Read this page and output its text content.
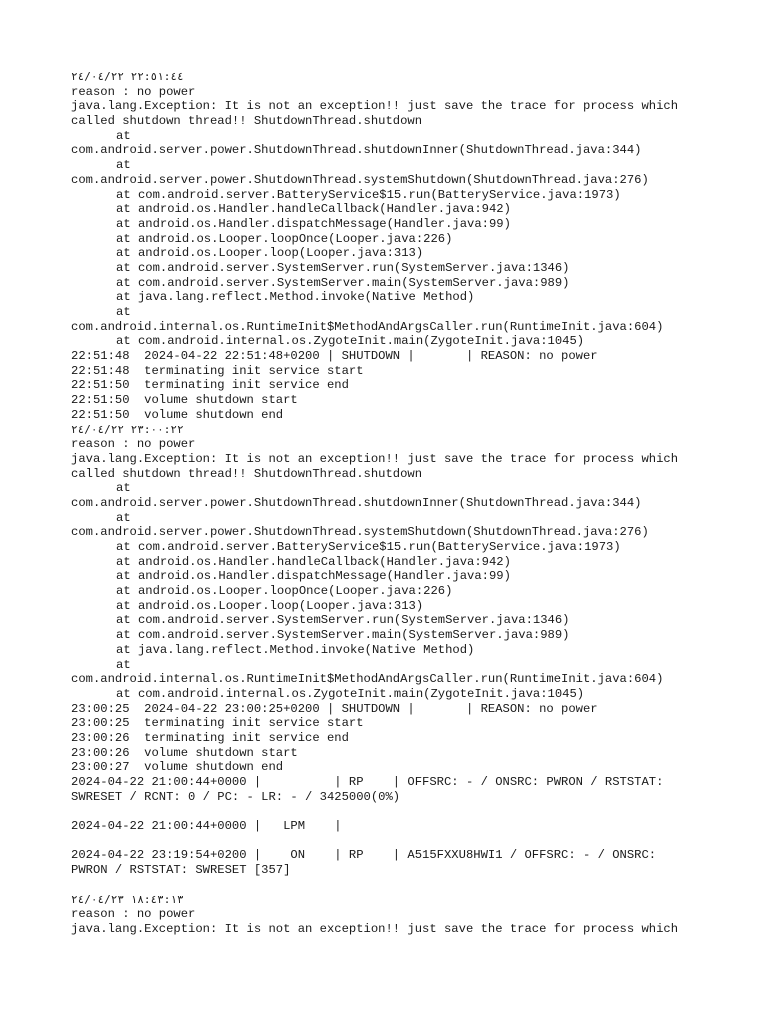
٢٢:٥١:٤٤ ٢٤/٠٤/٢٢
reason : no power
java.lang.Exception: It is not an exception!! just save the trace for process which
called shutdown thread!! ShutdownThread.shutdown
at
com.android.server.power.ShutdownThread.shutdownInner(ShutdownThread.java:344)
at
com.android.server.power.ShutdownThread.systemShutdown(ShutdownThread.java:276)
at com.android.server.BatteryService$15.run(BatteryService.java:1973)
at android.os.Handler.handleCallback(Handler.java:942)
at android.os.Handler.dispatchMessage(Handler.java:99)
at android.os.Looper.loopOnce(Looper.java:226)
at android.os.Looper.loop(Looper.java:313)
at com.android.server.SystemServer.run(SystemServer.java:1346)
at com.android.server.SystemServer.main(SystemServer.java:989)
at java.lang.reflect.Method.invoke(Native Method)
at
com.android.internal.os.RuntimeInit$MethodAndArgsCaller.run(RuntimeInit.java:604)
at com.android.internal.os.ZygoteInit.main(ZygoteInit.java:1045)
22:51:48  2024-04-22 22:51:48+0200 | SHUTDOWN |       | REASON: no power
22:51:48  terminating init service start
22:51:50  terminating init service end
22:51:50  volume shutdown start
22:51:50  volume shutdown end
٢٣:٠٠:٢٢ ٢٤/٠٤/٢٢
reason : no power
java.lang.Exception: It is not an exception!! just save the trace for process which
called shutdown thread!! ShutdownThread.shutdown
at
com.android.server.power.ShutdownThread.shutdownInner(ShutdownThread.java:344)
at
com.android.server.power.ShutdownThread.systemShutdown(ShutdownThread.java:276)
at com.android.server.BatteryService$15.run(BatteryService.java:1973)
at android.os.Handler.handleCallback(Handler.java:942)
at android.os.Handler.dispatchMessage(Handler.java:99)
at android.os.Looper.loopOnce(Looper.java:226)
at android.os.Looper.loop(Looper.java:313)
at com.android.server.SystemServer.run(SystemServer.java:1346)
at com.android.server.SystemServer.main(SystemServer.java:989)
at java.lang.reflect.Method.invoke(Native Method)
at
com.android.internal.os.RuntimeInit$MethodAndArgsCaller.run(RuntimeInit.java:604)
at com.android.internal.os.ZygoteInit.main(ZygoteInit.java:1045)
23:00:25  2024-04-22 23:00:25+0200 | SHUTDOWN |       | REASON: no power
23:00:25  terminating init service start
23:00:26  terminating init service end
23:00:26  volume shutdown start
23:00:27  volume shutdown end
2024-04-22 21:00:44+0000 |          | RP    | OFFSRC: - / ONSRC: PWRON / RSTSTAT:
SWRESET / RCNT: 0 / PC: - LR: - / 3425000(0%)
2024-04-22 21:00:44+0000 |   LPM    |
2024-04-22 23:19:54+0200 |    ON    | RP    | A515FXXU8HWI1 / OFFSRC: - / ONSRC:
PWRON / RSTSTAT: SWRESET [357]
١٨:٤٣:١٣ ٢٤/٠٤/٢٣
reason : no power
java.lang.Exception: It is not an exception!! just save the trace for process which
